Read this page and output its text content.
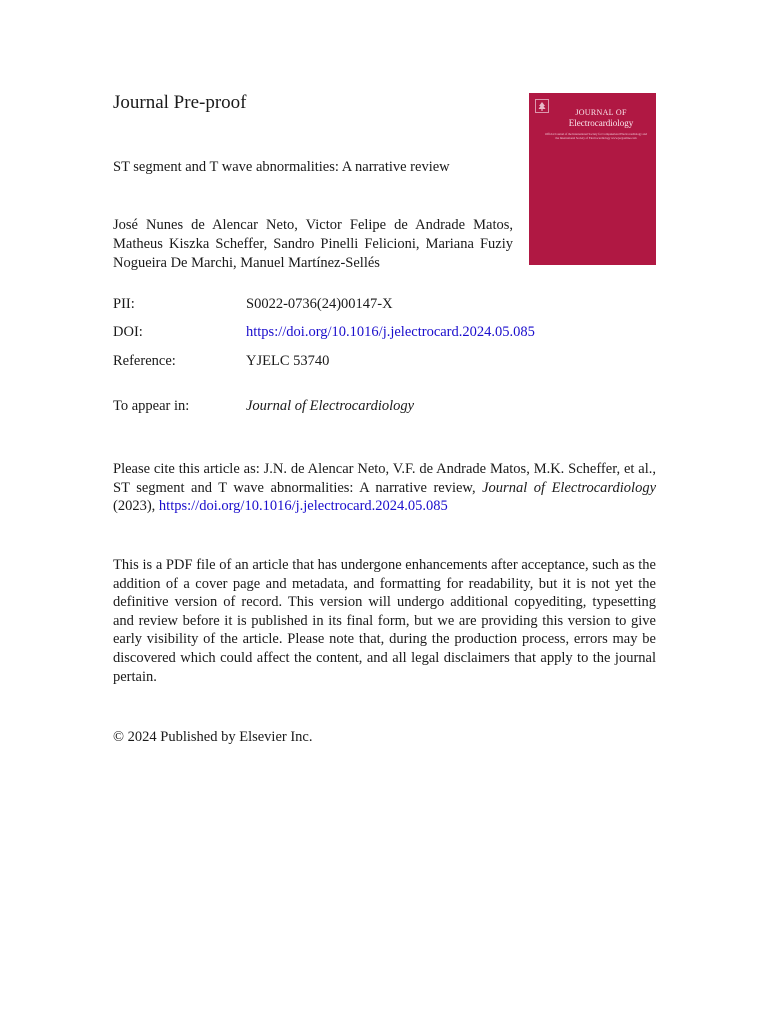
Journal Pre-proof

ST segment and T wave abnormalities: A narrative review

José Nunes de Alencar Neto, Victor Felipe de Andrade Matos, Matheus Kiszka Scheffer, Sandro Pinelli Felicioni, Mariana Fuziy Nogueira De Marchi, Manuel Martínez-Sellés

JOURNAL OF
Electrocardiology
Official Journal of the International Society for Computerized Electrocardiology and the International Society of Electrocardiology www.jecgonline.com
PII:	S0022-0736(24)00147-X
DOI:	https://doi.org/10.1016/j.jelectrocard.2024.05.085
Reference:	YJELC 53740
To appear in:	Journal of Electrocardiology

Please cite this article as: J.N. de Alencar Neto, V.F. de Andrade Matos, M.K. Scheffer, et al., ST segment and T wave abnormalities: A narrative review, Journal of Electrocardiology (2023), https://doi.org/10.1016/j.jelectrocard.2024.05.085

This is a PDF file of an article that has undergone enhancements after acceptance, such as the addition of a cover page and metadata, and formatting for readability, but it is not yet the definitive version of record. This version will undergo additional copyediting, typesetting and review before it is published in its final form, but we are providing this version to give early visibility of the article. Please note that, during the production process, errors may be discovered which could affect the content, and all legal disclaimers that apply to the journal pertain.

© 2024 Published by Elsevier Inc.
